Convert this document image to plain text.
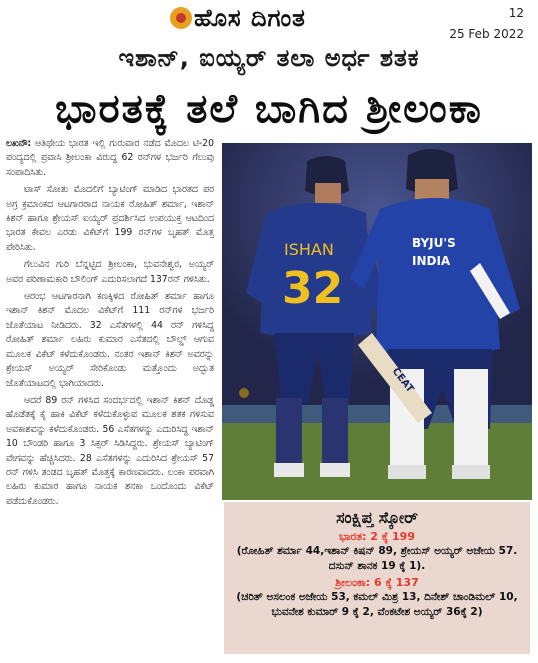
ಹೊಸ ದಿಗಂತ	12
25 Feb 2022
ಇಶಾನ್, ಐಯ್ಯರ್ ತಲಾ ಅರ್ಧ ಶತಕ
ಭಾರತಕ್ಕೆ ತಲೆ ಬಾಗಿದ ಶ್ರೀಲಂಕಾ

ಲಖನೌ: ಆತಿಥೇಯ ಭಾರತ ಇಲ್ಲಿ ಗುರುವಾರ ನಡೆದ ಮೊದಲ ಟಿ-20 ಪಂದ್ಯದಲ್ಲಿ ಪ್ರವಾಸಿ ಶ್ರೀಲಂಕಾ ವಿರುದ್ಧ 62 ರನ್‌ಗಳ ಭರ್ಜರಿ ಗೆಲುವು ಸಂಪಾದಿಸಿತು.

ಟಾಸ್ ಸೋತು ಮೊದಲಿಗೆ ಬ್ಯಾಟಿಂಗ್ ಮಾಡಿದ ಭಾರತದ ಪರ ಅಗ್ರ ಕ್ರಮಾಂಕದ ಆಟಗಾರರಾದ ನಾಯಕ ರೋಹಿತ್ ಶರ್ಮಾ, ಇಶಾನ್ ಕಿಶನ್ ಹಾಗೂ ಶ್ರೇಯಸ್ ಐಯ್ಯರ್ ಪ್ರದರ್ಶಿಸಿದ ಉಪಯುಕ್ತ ಆಟದಿಂದ ಭಾರತ ಕೇವಲ ಎರಡು ವಿಕೆಟ್‌ಗೆ 199 ರನ್‌ಗಳ ಬೃಹತ್ ಮೊತ್ತ ಪೇರಿಸಿತು.

ಗೆಲುವಿನ ಗುರಿ ಬೆನ್ನಟ್ಟಿದ ಶ್ರೀಲಂಕಾ, ಭುವನೇಶ್ವರ, ಅಯ್ಯರ್ ಅವರ ಪರಿಣಾಮಕಾರಿ ಬೌಲಿಂಗ್ ಎದುರಿಸಲಾಗದೆ 137ರನ್ ಗಳಿಸಿತು.

ಆರಂಭ ಆಟಗಾರನಾಗಿ ಕಣಕ್ಕಿಳಿದ ರೋಹಿತ್ ಶರ್ಮಾ ಹಾಗೂ ಇಶಾನ್ ಕಿಶನ್ ಮೊದಲ ವಿಕೆಟ್‌ಗೆ 111 ರನ್‌ಗಳ ಭರ್ಜರಿ ಜೊತೆಯಾಟ ನೀಡಿದರು. 32 ಎಸೆತಗಳಲ್ಲಿ 44 ರನ್ ಗಳಿಸಿದ್ದ ರೋಹಿತ್ ಶರ್ಮಾ ಲಹಿರು ಕುಮಾರ ಎಸೆತದಲ್ಲಿ ಬೌಲ್ಡ್ ಆಗುವ ಮೂಲಕ ವಿಕೆಟ್ ಕಳೆದುಕೊಂಡರು. ನಂತರ ಇಶಾನ್ ಕಿಶನ್ ಅವರನ್ನು ಶ್ರೇಯಸ್ ಅಯ್ಯರ್ ಸೇರಿಕೊಂಡು ಮತ್ತೊಂದು ಅದ್ಭುತ ಜೊತೆಯಾಟದಲ್ಲಿ ಭಾಗಿಯಾದರು.

ಆದರೆ 89 ರನ್ ಗಳಿಸಿದ ಸಂದರ್ಭದಲ್ಲಿ ಇಶಾನ್ ಕಿಶನ್ ದೊಡ್ಡ ಹೊಡೆತಕ್ಕೆ ಕೈ ಹಾಕಿ ವಿಕೆಟ್ ಕಳೆದುಕೊಳ್ಳುವ ಮೂಲಕ ಶತಕ ಗಳಿಸುವ ಅವಕಾಶವನ್ನು ಕಳೆದುಕೊಂಡರು. 56 ಎಸೆತಗಳನ್ನು ಎದುರಿಸಿದ್ದ ಇಶಾನ್ 10 ಬೌಂಡರಿ ಹಾಗೂ 3 ಸಿಕ್ಸರ್ ಸಿಡಿಸಿದ್ದರು. ಶ್ರೇಯಸ್ ಬ್ಯಾಟಿಂಗ್ ವೇಗವನ್ನು ಹೆಚ್ಚಿಸಿದರು. 28 ಎಸೆತಗಳನ್ನು ಎದುರಿಸಿದ ಶ್ರೇಯಸ್ 57 ರನ್ ಗಳಿಸಿ ತಂಡದ ಬೃಹತ್ ಮೊತ್ತಕ್ಕೆ ಕಾರಣವಾದರು. ಲಂಕಾ ಪರವಾಗಿ ಲಹಿರು ಕುಮಾರ ಹಾಗೂ ನಾಯಕ ಶನಕಾ ಒಂದೊಂದು ವಿಕೆಟ್ ಪಡೆದುಕೊಂಡರು.

ISHAN
32
BYJU'S
INDIA
CEAT
ಸಂಕ್ಷಿಪ್ತ ಸ್ಕೋರ್
ಭಾರತ: 2 ಕ್ಕೆ 199
(ರೋಹಿತ್ ಶರ್ಮಾ 44,ಇಶಾನ್ ಕಿಷನ್ 89, ಶ್ರೇಯಸ್ ಅಯ್ಯರ್ ಅಜೇಯ 57. ದಸುನ್ ಶಾನಕ 19 ಕ್ಕೆ 1).
ಶ್ರೀಲಂಕಾ: 6 ಕ್ಕೆ 137
(ಚರಿತ್ ಅಸಲಂಕ ಅಜೇಯ 53, ಕಮಲ್ ಮಿಶ್ರ 13, ದಿನೇಶ್ ಚಾಂಡಿಮಲ್ 10, ಭುವನೇಶ ಕುಮಾರ್ 9 ಕ್ಕೆ 2, ವೆಂಕಟೇಶ ಅಯ್ಯರ್ 36ಕ್ಕೆ 2)
